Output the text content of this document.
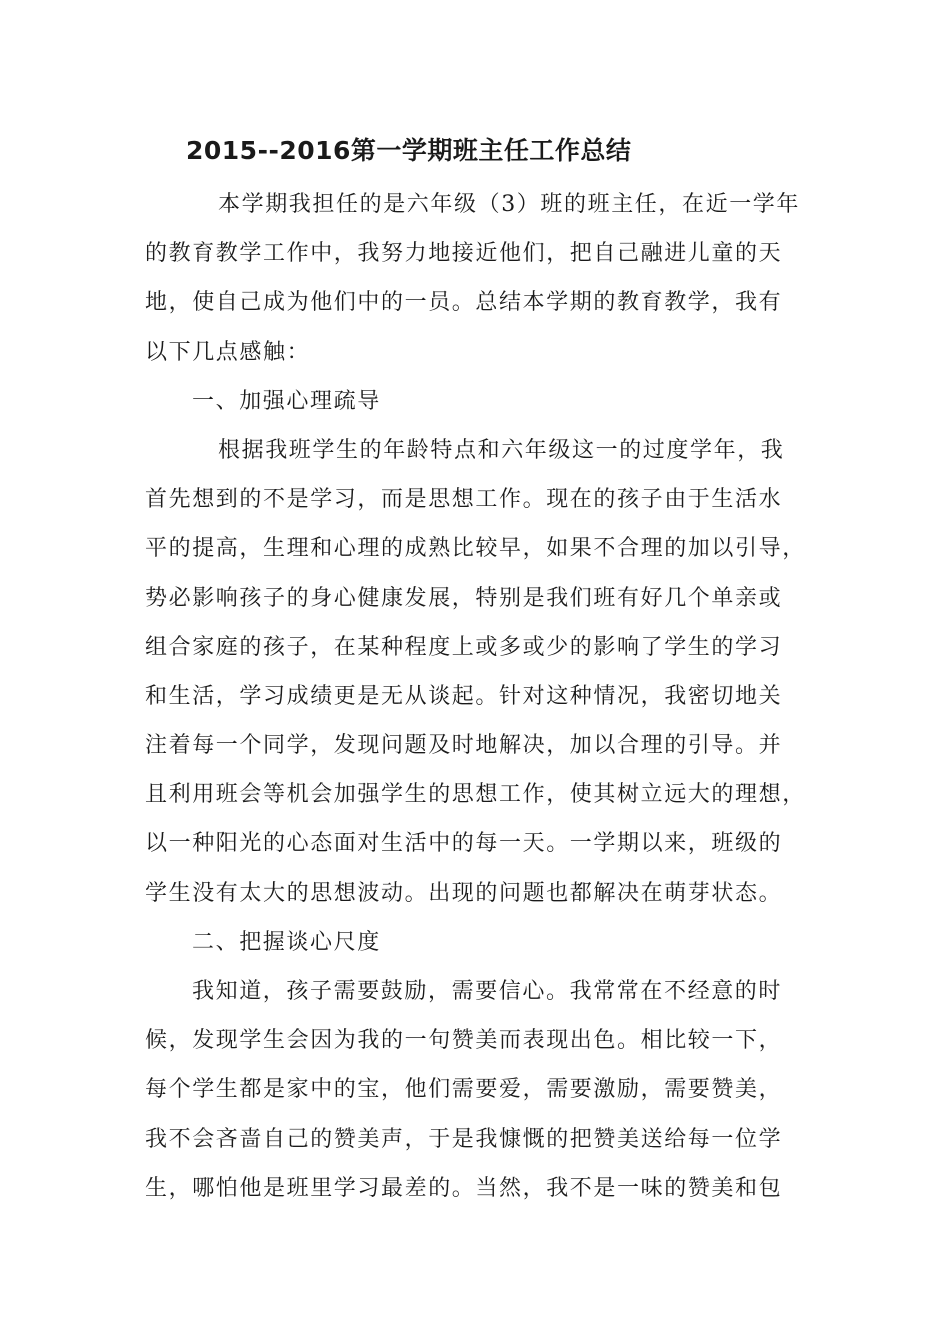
2015--2016第一学期班主任工作总结
本学期我担任的是六年级（3）班的班主任，在近一学年
的教育教学工作中，我努力地接近他们，把自己融进儿童的天
地，使自己成为他们中的一员。总结本学期的教育教学，我有
以下几点感触：
一、加强心理疏导
根据我班学生的年龄特点和六年级这一的过度学年，我
首先想到的不是学习，而是思想工作。现在的孩子由于生活水
平的提高，生理和心理的成熟比较早，如果不合理的加以引导，
势必影响孩子的身心健康发展，特别是我们班有好几个单亲或
组合家庭的孩子，在某种程度上或多或少的影响了学生的学习
和生活，学习成绩更是无从谈起。针对这种情况，我密切地关
注着每一个同学，发现问题及时地解决，加以合理的引导。并
且利用班会等机会加强学生的思想工作，使其树立远大的理想，
以一种阳光的心态面对生活中的每一天。一学期以来，班级的
学生没有太大的思想波动。出现的问题也都解决在萌芽状态。
二、把握谈心尺度
我知道，孩子需要鼓励，需要信心。我常常在不经意的时
候，发现学生会因为我的一句赞美而表现出色。相比较一下，
每个学生都是家中的宝，他们需要爱，需要激励，需要赞美，
我不会吝啬自己的赞美声，于是我慷慨的把赞美送给每一位学
生，哪怕他是班里学习最差的。当然，我不是一味的赞美和包
